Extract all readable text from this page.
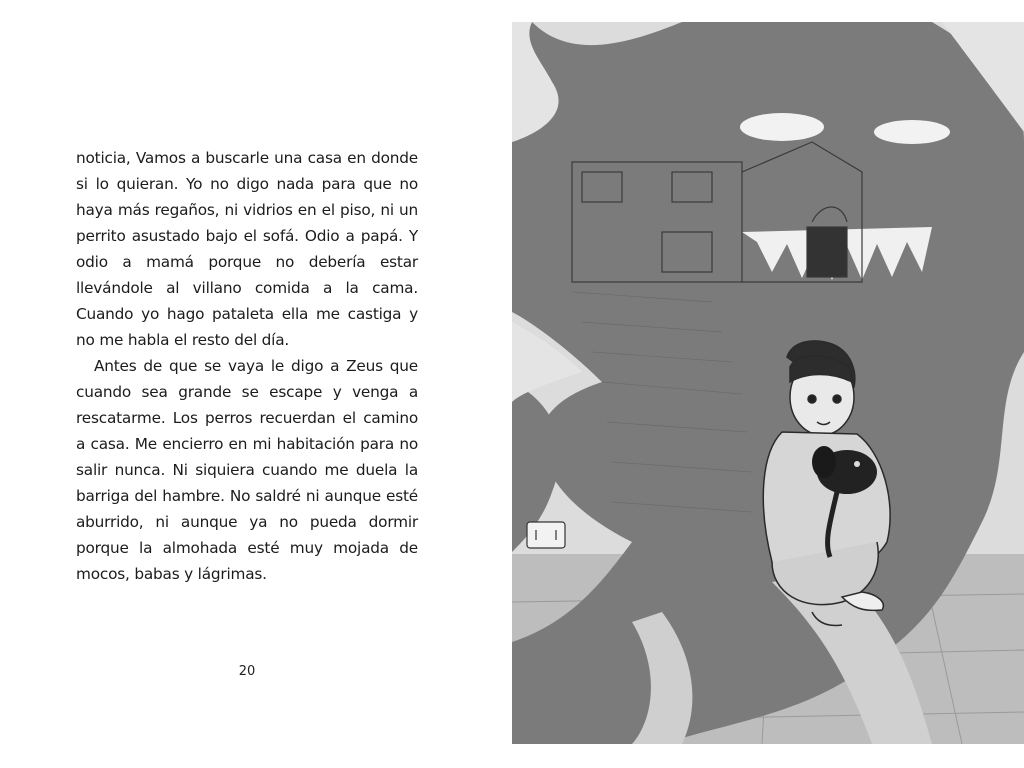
noticia, Vamos a buscarle una casa en donde si lo quieran. Yo no digo nada para que no haya más regaños, ni vidrios en el piso, ni un perrito asustado bajo el sofá. Odio a papá. Y odio a mamá porque no debería estar llevándole al villano comida a la cama. Cuando yo hago pataleta ella me castiga y no me habla el resto del día.

Antes de que se vaya le digo a Zeus que cuando sea grande se escape y venga a rescatarme. Los perros recuerdan el camino a casa. Me encierro en mi habitación para no salir nunca. Ni siquiera cuando me duela la barriga del hambre. No saldré ni aunque esté aburrido, ni aunque ya no pueda dormir porque la almohada esté muy mojada de mocos, babas y lágrimas.

20
